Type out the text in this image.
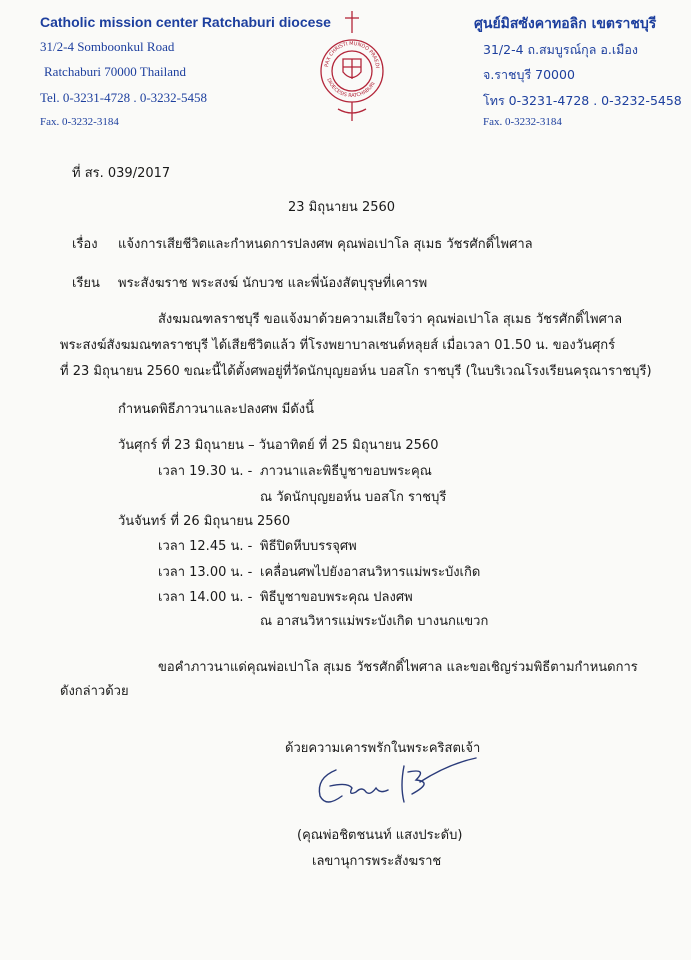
Catholic mission center Ratchaburi diocese
31/2-4 Somboonkul Road
Ratchaburi 70000 Thailand
Tel. 0-3231-4728 . 0-3232-5458
Fax. 0-3232-3184
PAX CHRISTI MUNDO PRAEDI
DIOECESIS RATCHABURI
ศูนย์มิสซังคาทอลิก เขตราชบุรี
31/2-4 ถ.สมบูรณ์กุล อ.เมือง
จ.ราชบุรี 70000
โทร 0-3231-4728 . 0-3232-5458
Fax. 0-3232-3184
ที่ สร. 039/2017
23 มิถุนายน 2560
เรื่อง แจ้งการเสียชีวิตและกำหนดการปลงศพ คุณพ่อเปาโล สุเมธ วัชรศักดิ์ไพศาล
เรียน พระสังฆราช พระสงฆ์ นักบวช และพี่น้องสัตบุรุษที่เคารพ
สังฆมณฑลราชบุรี ขอแจ้งมาด้วยความเสียใจว่า คุณพ่อเปาโล สุเมธ วัชรศักดิ์ไพศาล
พระสงฆ์สังฆมณฑลราชบุรี ได้เสียชีวิตแล้ว ที่โรงพยาบาลเซนต์หลุยส์ เมื่อเวลา 01.50 น. ของวันศุกร์
ที่ 23 มิถุนายน 2560 ขณะนี้ได้ตั้งศพอยู่ที่วัดนักบุญยอห์น บอสโก ราชบุรี (ในบริเวณโรงเรียนครุณาราชบุรี)
กำหนดพิธีภาวนาและปลงศพ มีดังนี้
วันศุกร์ ที่ 23 มิถุนายน – วันอาทิตย์ ที่ 25 มิถุนายน 2560
เวลา 19.30 น. - ภาวนาและพิธีบูชาขอบพระคุณ
ณ วัดนักบุญยอห์น บอสโก ราชบุรี
วันจันทร์ ที่ 26 มิถุนายน 2560
เวลา 12.45 น. - พิธีปิดหีบบรรจุศพ
เวลา 13.00 น. - เคลื่อนศพไปยังอาสนวิหารแม่พระบังเกิด
เวลา 14.00 น. - พิธีบูชาขอบพระคุณ ปลงศพ
ณ อาสนวิหารแม่พระบังเกิด บางนกแขวก
ขอคำภาวนาแด่คุณพ่อเปาโล สุเมธ วัชรศักดิ์ไพศาล และขอเชิญร่วมพิธีตามกำหนดการ
ดังกล่าวด้วย
ด้วยความเคารพรักในพระคริสตเจ้า
(คุณพ่อชิตชนนท์ แสงประดับ)
เลขานุการพระสังฆราช
